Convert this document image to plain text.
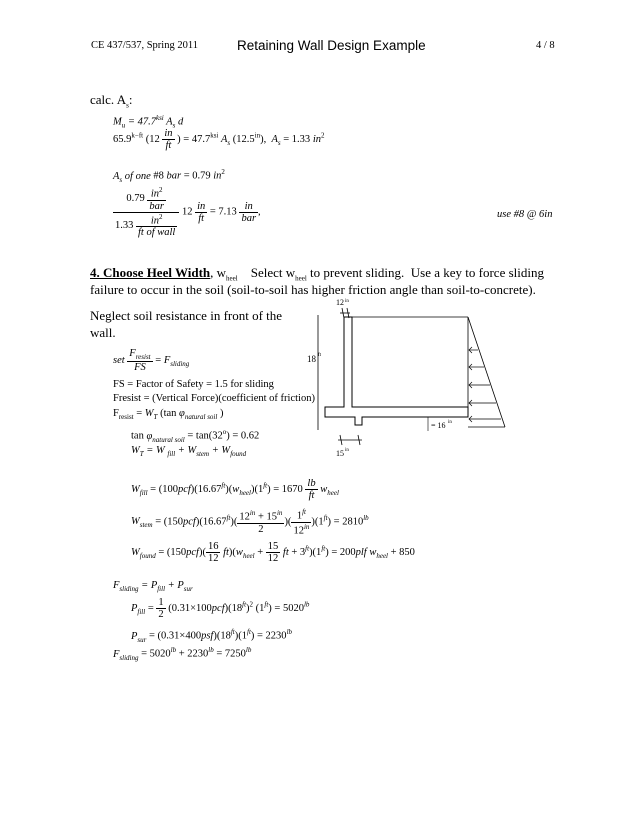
CE 437/537, Spring 2011	Retaining Wall Design Example	4 / 8
calc. $A_s$:
$M_u = 47.7^{ksi}$ $A_s$ d
$65.9^{k-ft}$ ($12 \frac{in}{ft}$ ) = $47.7^{ksi}$ $A_s$ $(12.5^{in})$,  $A_s = 1.33$ $in^2$
$A_s$ of one #8 bar = 0.79 $in^2$
$\frac{0.79 \frac{in^2}{\text{bar}}}{1.33 \frac{in^2}{\text{ft of wall}}} 12 \frac{in}{ft} = 7.13 \frac{in}{\text{bar}}$ ,	use #8 @ 6in
4. Choose Heel Width, $w_{heel}$    Select $w_{heel}$ to prevent sliding.  Use a key to force sliding
failure to occur in the soil (soil-to-soil has higher friction angle than soil-to-concrete).
Neglect soil resistance in front of the
wall.
12 in
18 ft
15 in
= 16 in
set $\frac{F_{resist}}{FS} = F_{sliding}$
FS = Factor of Safety = 1.5 for sliding
Fresist = (Vertical Force)(coefficient of friction)
$F_{resist} = W_T$ (tan $\varphi_{natural soil}$ )
$\tan \varphi_{natural soil} = \tan(32^o) = 0.62$
$W_T = W$ $_{fill} + W_{stem} + W_{found}$
$W_{fill} = (100pcf)(16.67^{ft})(w_{heel})(1^{ft}) = 1670 \frac{lb}{ft} w_{heel}$
$W_{stem} = (150pcf)(16.67^{ft})( \frac{12^{in} + 15^{in}}{2}$ )( $\frac{1^{ft}}{12^{in}} )(1^{ft}) = 2810^{lb}$
$W_{found} = (150pcf)( \frac{16}{12} ft)(w_{heel} + \frac{15}{12}$ ft + $3^{ft})(1^{ft}) = 200plf$ $w_{heel} + 850$
$F_{sliding} = P_{fill} + P_{sur}$
$P_{fill} = \frac{1}{2} (0.31\times 100pcf)(18^{ft})^2$ $(1^{ft}) = 5020^{lb}$
$P_{sur} = (0.31\times 400psf)(18^{ft})(1^{ft}) = 2230^{lb}$
$F_{sliding} = 5020^{lb} + 2230^{lb} = 7250^{lb}$
